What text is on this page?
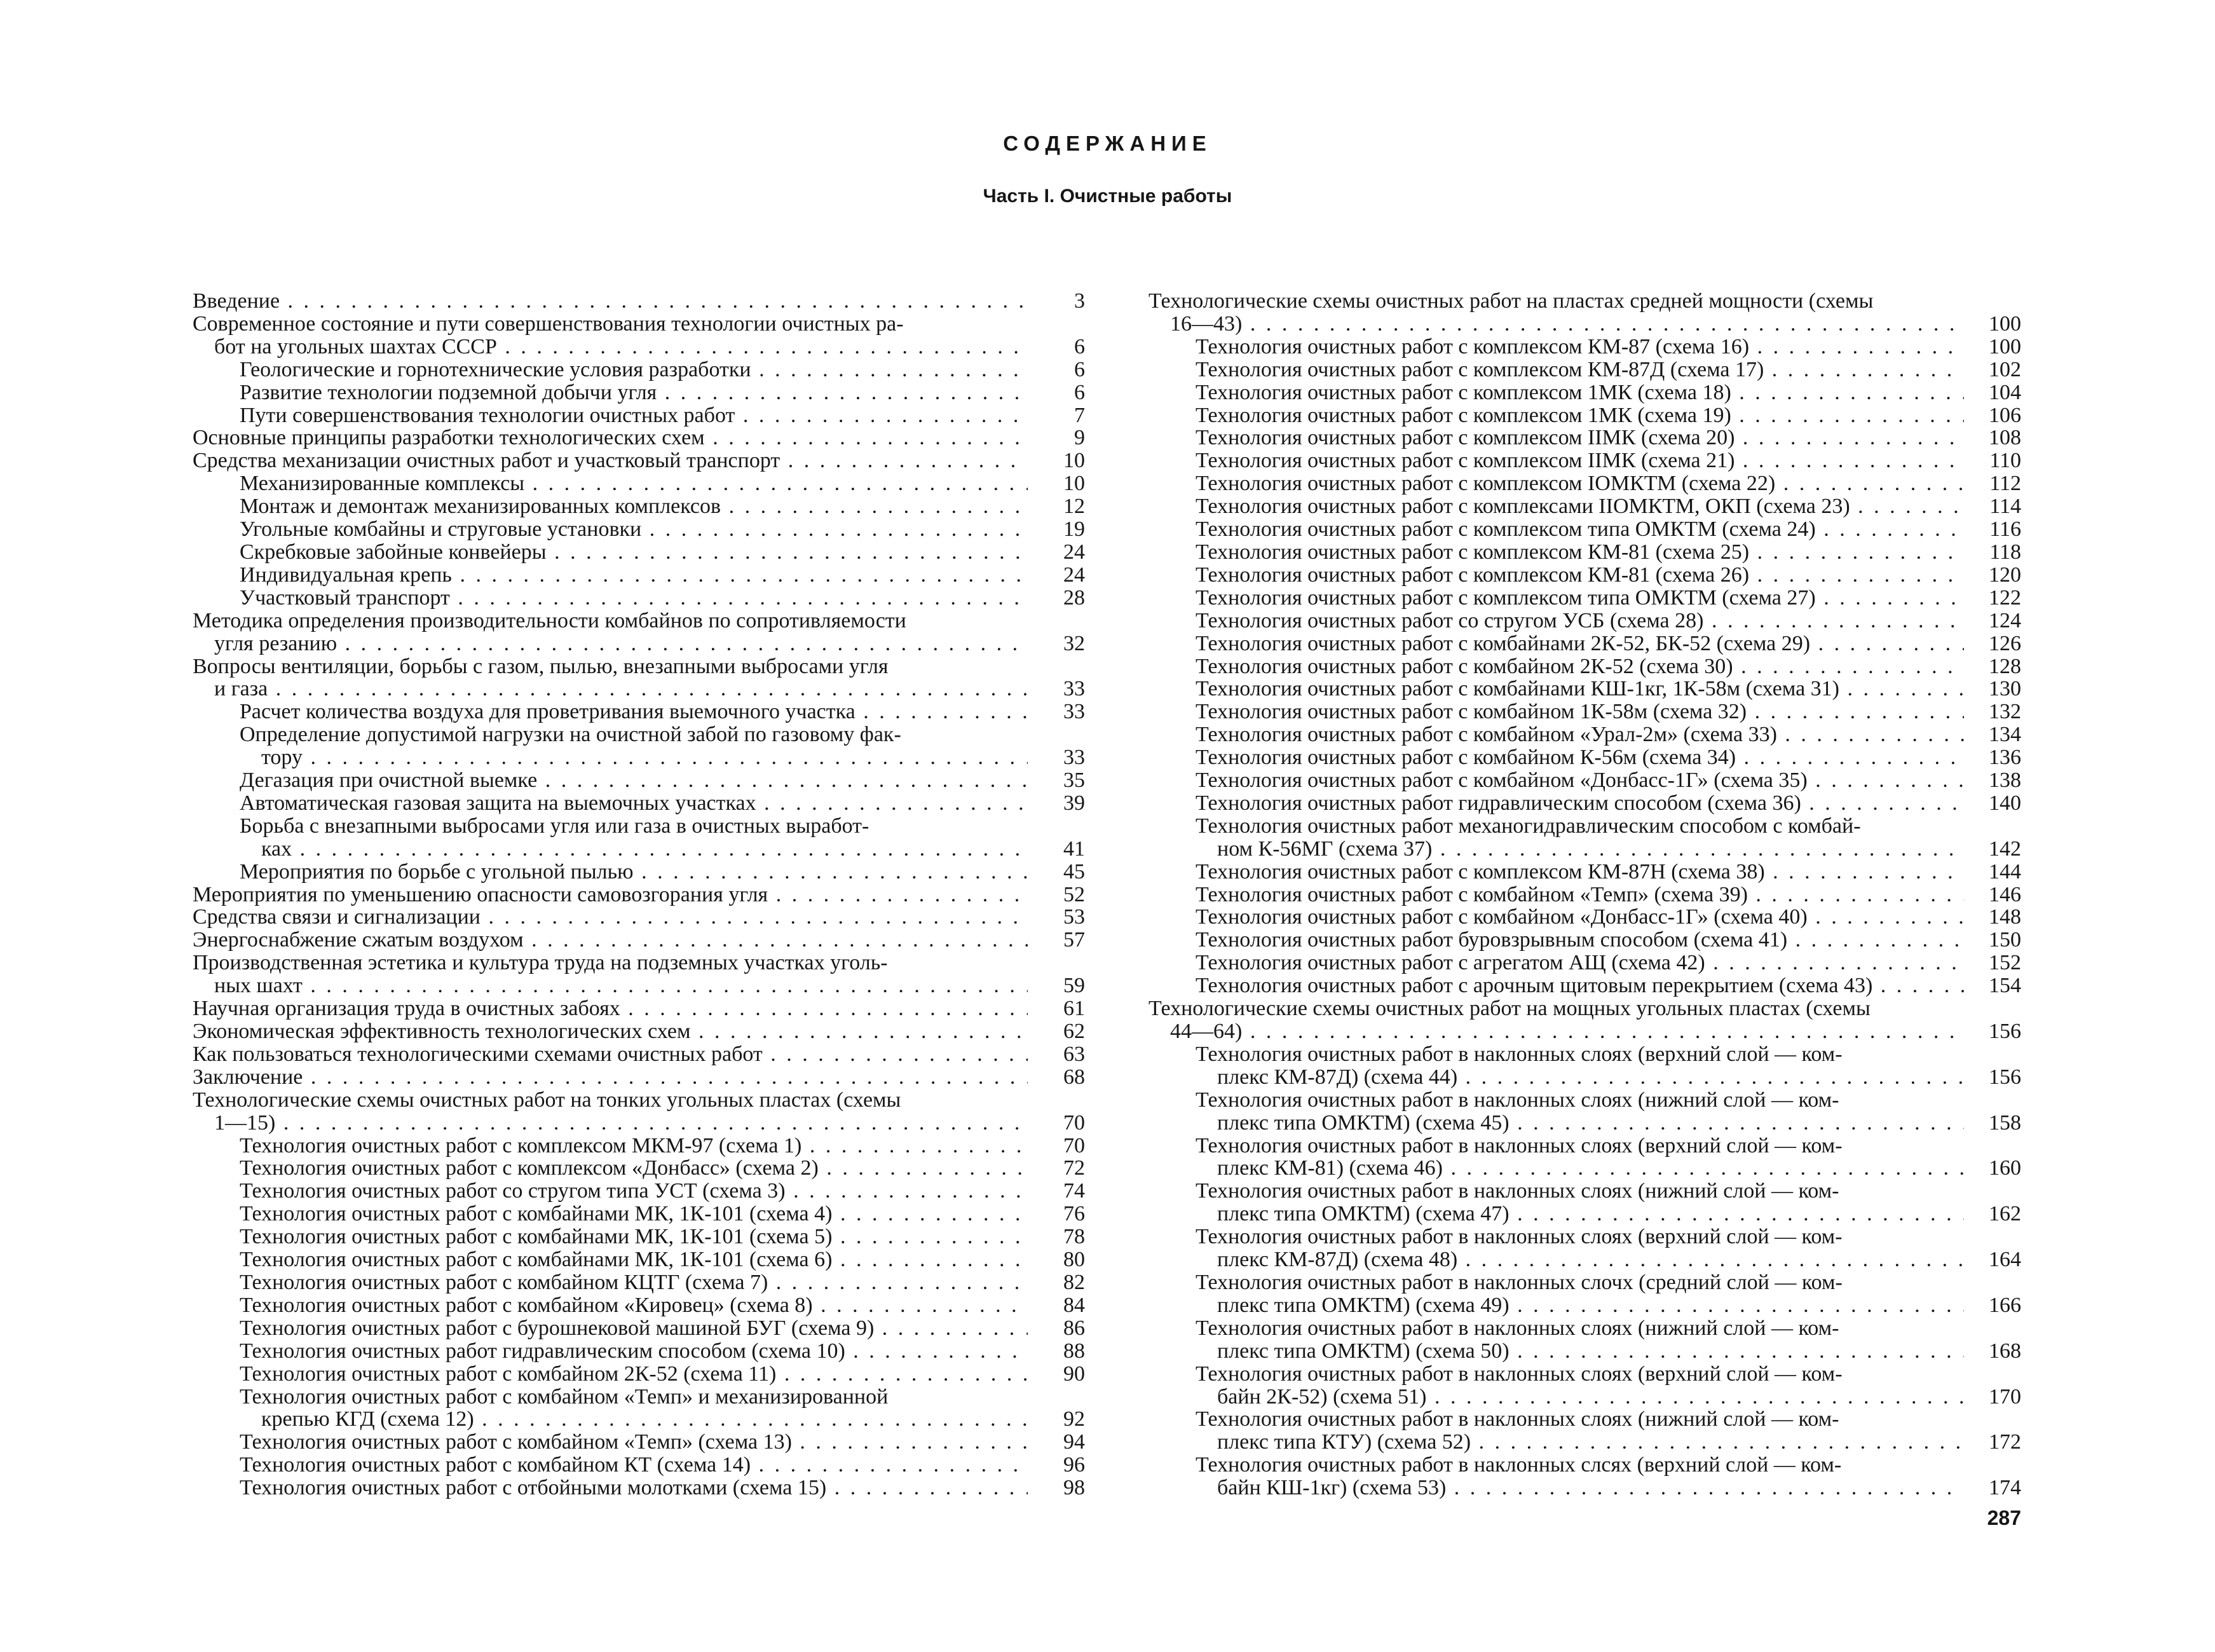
СОДЕРЖАНИЕ
Часть I. Очистные работы
Введение . . .	3
Современное состояние и пути совершенствования технологии очистных ра-
бот на угольных шахтах СССР . . .	6
Геологические и горнотехнические условия разработки . . .	6
Развитие технологии подземной добычи угля . . .	6
Пути совершенствования технологии очистных работ . . .	7
Основные принципы разработки технологических схем . . .	9
Средства механизации очистных работ и участковый транспорт . . .	10
Механизированные комплексы . . .	10
Монтаж и демонтаж механизированных комплексов . . .	12
Угольные комбайны и струговые установки . . .	19
Скребковые забойные конвейеры . . .	24
Индивидуальная крепь . . .	24
Участковый транспорт . . .	28
Методика определения производительности комбайнов по сопротивляемости
угля резанию . . .	32
Вопросы вентиляции, борьбы с газом, пылью, внезапными выбросами угля
и газа . . .	33
Расчет количества воздуха для проветривания выемочного участка . . .	33
Определение допустимой нагрузки на очистной забой по газовому фак-
тору . . .	33
Дегазация при очистной выемке . . .	35
Автоматическая газовая защита на выемочных участках . . .	39
Борьба с внезапными выбросами угля или газа в очистных выработ-
ках . . .	41
Мероприятия по борьбе с угольной пылью . . .	45
Мероприятия по уменьшению опасности самовозгорания угля . . .	52
Средства связи и сигнализации . . .	53
Энергоснабжение сжатым воздухом . . .	57
Производственная эстетика и культура труда на подземных участках уголь-
ных шахт . . .	59
Научная организация труда в очистных забоях . . .	61
Экономическая эффективность технологических схем . . .	62
Как пользоваться технологическими схемами очистных работ . . .	63
Заключение . . .	68
Технологические схемы очистных работ на тонких угольных пластах (схемы
1—15) . . .	70
Технология очистных работ с комплексом МКМ-97 (схема 1) . . .	70
Технология очистных работ с комплексом «Донбасс» (схема 2) . . .	72
Технология очистных работ со стругом типа УСТ (схема 3) . . .	74
Технология очистных работ с комбайнами МК, 1К-101 (схема 4) . . .	76
Технология очистных работ с комбайнами МК, 1К-101 (схема 5) . . .	78
Технология очистных работ с комбайнами МК, 1К-101 (схема 6) . . .	80
Технология очистных работ с комбайном КЦТГ (схема 7) . . .	82
Технология очистных работ с комбайном «Кировец» (схема 8) . . .	84
Технология очистных работ с бурошнековой машиной БУГ (схема 9) . . .	86
Технология очистных работ гидравлическим способом (схема 10) . . .	88
Технология очистных работ с комбайном 2К-52 (схема 11) . . .	90
Технология очистных работ с комбайном «Темп» и механизированной
крепью КГД (схема 12) . . .	92
Технология очистных работ с комбайном «Темп» (схема 13) . . .	94
Технология очистных работ с комбайном КТ (схема 14) . . .	96
Технология очистных работ с отбойными молотками (схема 15) . . .	98
Технологические схемы очистных работ на пластах средней мощности (схемы
16—43) . . .	100
Технология очистных работ с комплексом КМ-87 (схема 16) . . .	100
Технология очистных работ с комплексом КМ-87Д (схема 17) . . .	102
Технология очистных работ с комплексом 1МК (схема 18) . . .	104
Технология очистных работ с комплексом 1МК (схема 19) . . .	106
Технология очистных работ с комплексом IIМК (схема 20) . . .	108
Технология очистных работ с комплексом IIМК (схема 21) . . .	110
Технология очистных работ с комплексом IОМКТМ (схема 22) . . .	112
Технология очистных работ с комплексами IIОМКТМ, ОКП (схема 23) . . .	114
Технология очистных работ с комплексом типа ОМКТМ (схема 24) . . .	116
Технология очистных работ с комплексом КМ-81 (схема 25) . . .	118
Технология очистных работ с комплексом КМ-81 (схема 26) . . .	120
Технология очистных работ с комплексом типа ОМКТМ (схема 27) . . .	122
Технология очистных работ со стругом УСБ (схема 28) . . .	124
Технология очистных работ с комбайнами 2К-52, БК-52 (схема 29) . . .	126
Технология очистных работ с комбайном 2К-52 (схема 30) . . .	128
Технология очистных работ с комбайнами КШ-1кг, 1К-58м (схема 31) . . .	130
Технология очистных работ с комбайном 1К-58м (схема 32) . . .	132
Технология очистных работ с комбайном «Урал-2м» (схема 33) . . .	134
Технология очистных работ с комбайном К-56м (схема 34) . . .	136
Технология очистных работ с комбайном «Донбасс-1Г» (схема 35) . . .	138
Технология очистных работ гидравлическим способом (схема 36) . . .	140
Технология очистных работ механогидравлическим способом с комбай-
ном К-56МГ (схема 37) . . .	142
Технология очистных работ с комплексом КМ-87Н (схема 38) . . .	144
Технология очистных работ с комбайном «Темп» (схема 39) . . .	146
Технология очистных работ с комбайном «Донбасс-1Г» (схема 40) . . .	148
Технология очистных работ буровзрывным способом (схема 41) . . .	150
Технология очистных работ с агрегатом АЩ (схема 42) . . .	152
Технология очистных работ с арочным щитовым перекрытием (схема 43) . . .	154
Технологические схемы очистных работ на мощных угольных пластах (схемы
44—64) . . .	156
Технология очистных работ в наклонных слоях (верхний слой — ком-
плекс КМ-87Д) (схема 44) . . .	156
Технология очистных работ в наклонных слоях (нижний слой — ком-
плекс типа ОМКТМ) (схема 45) . . .	158
Технология очистных работ в наклонных слоях (верхний слой — ком-
плекс КМ-81) (схема 46) . . .	160
Технология очистных работ в наклонных слоях (нижний слой — ком-
плекс типа ОМКТМ) (схема 47) . . .	162
Технология очистных работ в наклонных слоях (верхний слой — ком-
плекс КМ-87Д) (схема 48) . . .	164
Технология очистных работ в наклонных слочх (средний слой — ком-
плекс типа ОМКТМ) (схема 49) . . .	166
Технология очистных работ в наклонных слоях (нижний слой — ком-
плекс типа ОМКТМ) (схема 50) . . .	168
Технология очистных работ в наклонных слоях (верхний слой — ком-
байн 2К-52) (схема 51) . . .	170
Технология очистных работ в наклонных слоях (нижний слой — ком-
плекс типа КТУ) (схема 52) . . .	172
Технология очистных работ в наклонных слсях (верхний слой — ком-
байн КШ-1кг) (схема 53) . . .	174
287
